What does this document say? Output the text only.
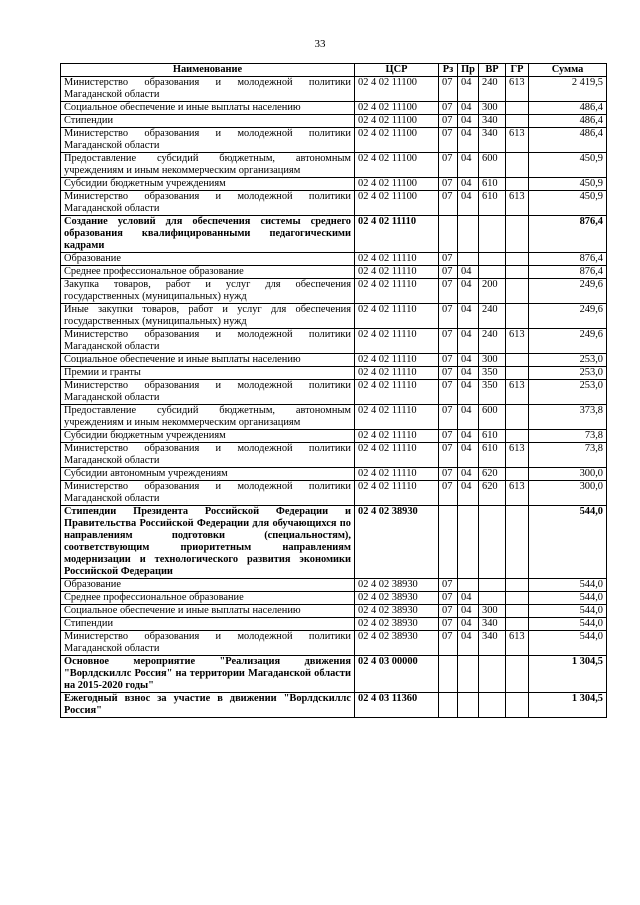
33
Наименование	ЦСР	Рз	Пр	ВР	ГР	Сумма
Министерство образования и молодежной политики Магаданской области	02 4 02 11100	07	04	240	613	2 419,5
Социальное обеспечение и иные выплаты населению	02 4 02 11100	07	04	300		486,4
Стипендии	02 4 02 11100	07	04	340		486,4
Министерство образования и молодежной политики Магаданской области	02 4 02 11100	07	04	340	613	486,4
Предоставление субсидий бюджетным, автономным учреждениям и иным некоммерческим организациям	02 4 02 11100	07	04	600		450,9
Субсидии бюджетным учреждениям	02 4 02 11100	07	04	610		450,9
Министерство образования и молодежной политики Магаданской области	02 4 02 11100	07	04	610	613	450,9
Создание условий для обеспечения системы среднего образования квалифицированными педагогическими кадрами	02 4 02 11110					876,4
Образование	02 4 02 11110	07				876,4
Среднее профессиональное образование	02 4 02 11110	07	04			876,4
Закупка товаров, работ и услуг для обеспечения государственных (муниципальных) нужд	02 4 02 11110	07	04	200		249,6
Иные закупки товаров, работ и услуг для обеспечения государственных (муниципальных) нужд	02 4 02 11110	07	04	240		249,6
Министерство образования и молодежной политики Магаданской области	02 4 02 11110	07	04	240	613	249,6
Социальное обеспечение и иные выплаты населению	02 4 02 11110	07	04	300		253,0
Премии и гранты	02 4 02 11110	07	04	350		253,0
Министерство образования и молодежной политики Магаданской области	02 4 02 11110	07	04	350	613	253,0
Предоставление субсидий бюджетным, автономным учреждениям и иным некоммерческим организациям	02 4 02 11110	07	04	600		373,8
Субсидии бюджетным учреждениям	02 4 02 11110	07	04	610		73,8
Министерство образования и молодежной политики Магаданской области	02 4 02 11110	07	04	610	613	73,8
Субсидии автономным учреждениям	02 4 02 11110	07	04	620		300,0
Министерство образования и молодежной политики Магаданской области	02 4 02 11110	07	04	620	613	300,0
Стипендии Президента Российской Федерации и Правительства Российской Федерации для обучающихся по направлениям подготовки (специальностям), соответствующим приоритетным направлениям модернизации и технологического развития экономики Российской Федерации	02 4 02 38930					544,0
Образование	02 4 02 38930	07				544,0
Среднее профессиональное образование	02 4 02 38930	07	04			544,0
Социальное обеспечение и иные выплаты населению	02 4 02 38930	07	04	300		544,0
Стипендии	02 4 02 38930	07	04	340		544,0
Министерство образования и молодежной политики Магаданской области	02 4 02 38930	07	04	340	613	544,0
Основное мероприятие "Реализация движения "Ворлдскиллс Россия" на территории Магаданской области на 2015-2020 годы"	02 4 03 00000					1 304,5
Ежегодный взнос за участие в движении "Ворлдскиллс Россия"	02 4 03 11360					1 304,5
